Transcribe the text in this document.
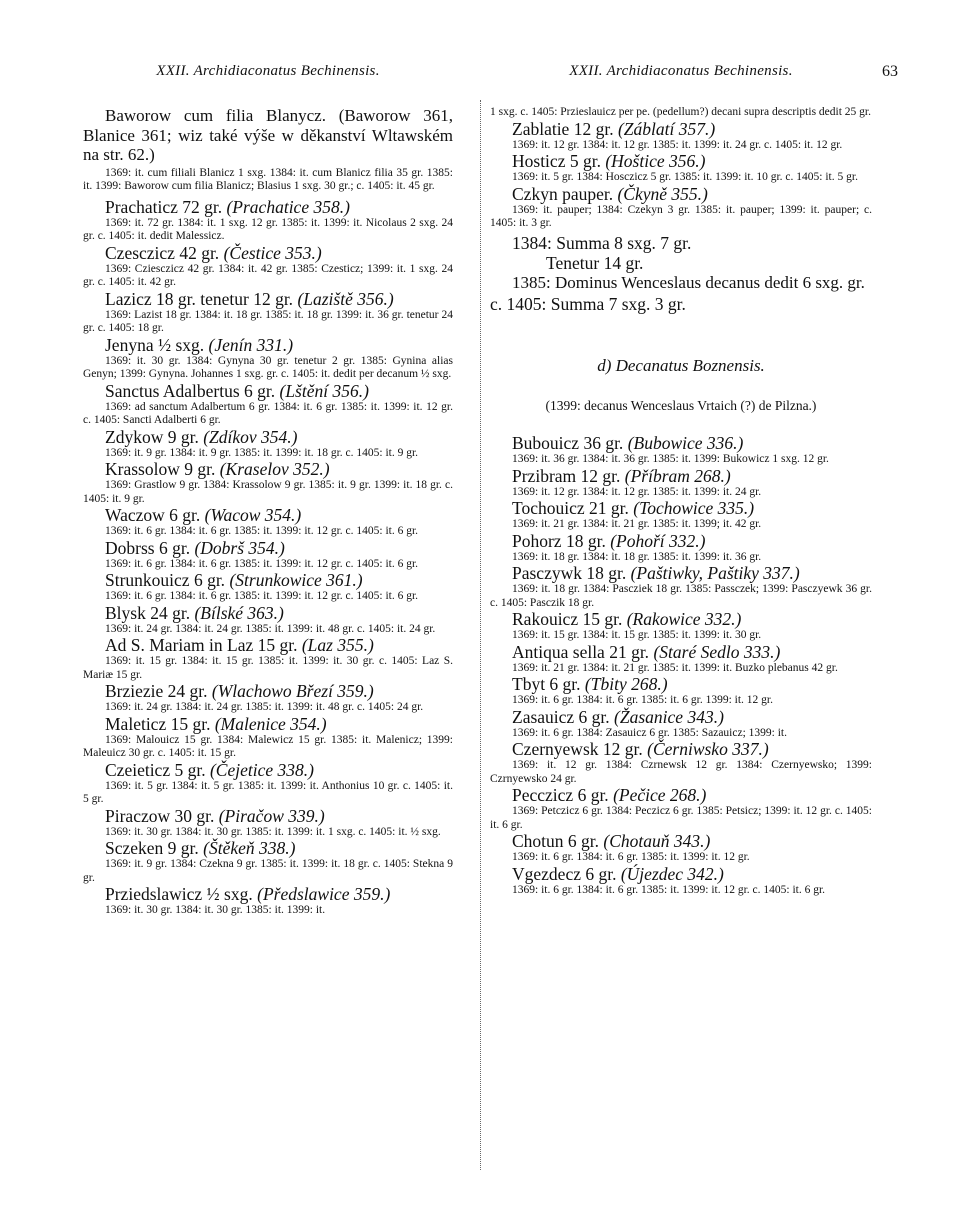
63
XXII. Archidiaconatus Bechinensis.

Baworow cum filia Blanycz. (Baworow 361, Blanice 361; wiz také výše w děkanství Wltawském na str. 62.)

1369: it. cum filiali Blanicz 1 sxg. 1384: it. cum Blanicz filia 35 gr. 1385: it. 1399: Baworow cum filia Blanicz; Blasius 1 sxg. 30 gr.; c. 1405: it. 45 gr.

Prachaticz 72 gr. (Prachatice 358.)

1369: it. 72 gr. 1384: it. 1 sxg. 12 gr. 1385: it. 1399: it. Nicolaus 2 sxg. 24 gr. c. 1405: it. dedit Malessicz.

Czesczicz 42 gr. (Čestice 353.)

1369: Cziesczicz 42 gr. 1384: it. 42 gr. 1385: Czesticz; 1399: it. 1 sxg. 24 gr. c. 1405: it. 42 gr.

Lazicz 18 gr. tenetur 12 gr. (Laziště 356.)

1369: Lazist 18 gr. 1384: it. 18 gr. 1385: it. 18 gr. 1399: it. 36 gr. tenetur 24 gr. c. 1405: 18 gr.

Jenyna ½ sxg. (Jenín 331.)

1369: it. 30 gr. 1384: Gynyna 30 gr. tenetur 2 gr. 1385: Gynina alias Genyn; 1399: Gynyna. Johannes 1 sxg. gr. c. 1405: it. dedit per decanum ½ sxg.

Sanctus Adalbertus 6 gr. (Lštění 356.)

1369: ad sanctum Adalbertum 6 gr. 1384: it. 6 gr. 1385: it. 1399: it. 12 gr. c. 1405: Sancti Adalberti 6 gr.

Zdykow 9 gr. (Zdíkov 354.)

1369: it. 9 gr. 1384: it. 9 gr. 1385: it. 1399: it. 18 gr. c. 1405: it. 9 gr.

Krassolow 9 gr. (Kraselov 352.)

1369: Grastlow 9 gr. 1384: Krassolow 9 gr. 1385: it. 9 gr. 1399: it. 18 gr. c. 1405: it. 9 gr.

Waczow 6 gr. (Wacow 354.)

1369: it. 6 gr. 1384: it. 6 gr. 1385: it. 1399: it. 12 gr. c. 1405: it. 6 gr.

Dobrss 6 gr. (Dobrš 354.)

1369: it. 6 gr. 1384: it. 6 gr. 1385: it. 1399: it. 12 gr. c. 1405: it. 6 gr.

Strunkouicz 6 gr. (Strunkowice 361.)

1369: it. 6 gr. 1384: it. 6 gr. 1385: it. 1399: it. 12 gr. c. 1405: it. 6 gr.

Blysk 24 gr. (Bílské 363.)

1369: it. 24 gr. 1384: it. 24 gr. 1385: it. 1399: it. 48 gr. c. 1405: it. 24 gr.

Ad S. Mariam in Laz 15 gr. (Laz 355.)

1369: it. 15 gr. 1384: it. 15 gr. 1385: it. 1399: it. 30 gr. c. 1405: Laz S. Mariæ 15 gr.

Brziezie 24 gr. (Wlachowo Březí 359.)

1369: it. 24 gr. 1384: it. 24 gr. 1385: it. 1399: it. 48 gr. c. 1405: 24 gr.

Maleticz 15 gr. (Malenice 354.)

1369: Malouicz 15 gr. 1384: Malewicz 15 gr. 1385: it. Malenicz; 1399: Maleuicz 30 gr. c. 1405: it. 15 gr.

Czeieticz 5 gr. (Čejetice 338.)

1369: it. 5 gr. 1384: it. 5 gr. 1385: it. 1399: it. Anthonius 10 gr. c. 1405: it. 5 gr.

Piraczow 30 gr. (Piračow 339.)

1369: it. 30 gr. 1384: it. 30 gr. 1385: it. 1399: it. 1 sxg. c. 1405: it. ½ sxg.

Sczeken 9 gr. (Štěkeň 338.)

1369: it. 9 gr. 1384: Czekna 9 gr. 1385: it. 1399: it. 18 gr. c. 1405: Stekna 9 gr.

Prziedslawicz ½ sxg. (Předslawice 359.)

1369: it. 30 gr. 1384: it. 30 gr. 1385: it. 1399: it.

XXII. Archidiaconatus Bechinensis.

1 sxg. c. 1405: Przieslauicz per pe. (pedellum?) decani supra descriptis dedit 25 gr.

Zablatie 12 gr. (Záblatí 357.)

1369: it. 12 gr. 1384: it. 12 gr. 1385: it. 1399: it. 24 gr. c. 1405: it. 12 gr.

Hosticz 5 gr. (Hoštice 356.)

1369: it. 5 gr. 1384: Hosczicz 5 gr. 1385: it. 1399: it. 10 gr. c. 1405: it. 5 gr.

Czkyn pauper. (Čkyně 355.)

1369: it. pauper; 1384: Czekyn 3 gr. 1385: it. pauper; 1399: it. pauper; c. 1405: it. 3 gr.

1384: Summa 8 sxg. 7 gr.
Tenetur 14 gr.

1385: Dominus Wenceslaus decanus dedit 6 sxg. gr.

c. 1405: Summa 7 sxg. 3 gr.
d) Decanatus Boznensis.
(1399: decanus Wenceslaus Vrtaich (?) de Pilzna.)
Bubouicz 36 gr. (Bubowice 336.)

1369: it. 36 gr. 1384: it. 36 gr. 1385: it. 1399: Bukowicz 1 sxg. 12 gr.

Przibram 12 gr. (Příbram 268.)

1369: it. 12 gr. 1384: it. 12 gr. 1385: it. 1399: it. 24 gr.

Tochouicz 21 gr. (Tochowice 335.)

1369: it. 21 gr. 1384: it. 21 gr. 1385: it. 1399; it. 42 gr.

Pohorz 18 gr. (Pohoří 332.)

1369: it. 18 gr. 1384: it. 18 gr. 1385: it. 1399: it. 36 gr.

Pasczywk 18 gr. (Paštiwky, Paštiky 337.)

1369: it. 18 gr. 1384: Pascziek 18 gr. 1385: Passczek; 1399: Pasczyewk 36 gr. c. 1405: Pasczik 18 gr.

Rakouicz 15 gr. (Rakowice 332.)

1369: it. 15 gr. 1384: it. 15 gr. 1385: it. 1399: it. 30 gr.

Antiqua sella 21 gr. (Staré Sedlo 333.)

1369: it. 21 gr. 1384: it. 21 gr. 1385: it. 1399: it. Buzko plebanus 42 gr.

Tbyt 6 gr. (Tbity 268.)

1369: it. 6 gr. 1384: it. 6 gr. 1385: it. 6 gr. 1399: it. 12 gr.

Zasauicz 6 gr. (Žasanice 343.)

1369: it. 6 gr. 1384: Zasauicz 6 gr. 1385: Sazauicz; 1399: it.

Czernyewsk 12 gr. (Černiwsko 337.)

1369: it. 12 gr. 1384: Czrnewsk 12 gr. 1384: Czernyewsko; 1399: Czrnyewsko 24 gr.

Pecczicz 6 gr. (Pečice 268.)

1369: Petczicz 6 gr. 1384: Peczicz 6 gr. 1385: Petsicz; 1399: it. 12 gr. c. 1405: it. 6 gr.

Chotun 6 gr. (Chotauň 343.)

1369: it. 6 gr. 1384: it. 6 gr. 1385: it. 1399: it. 12 gr.

Vgezdecz 6 gr. (Újezdec 342.)

1369: it. 6 gr. 1384: it. 6 gr. 1385: it. 1399: it. 12 gr. c. 1405: it. 6 gr.
